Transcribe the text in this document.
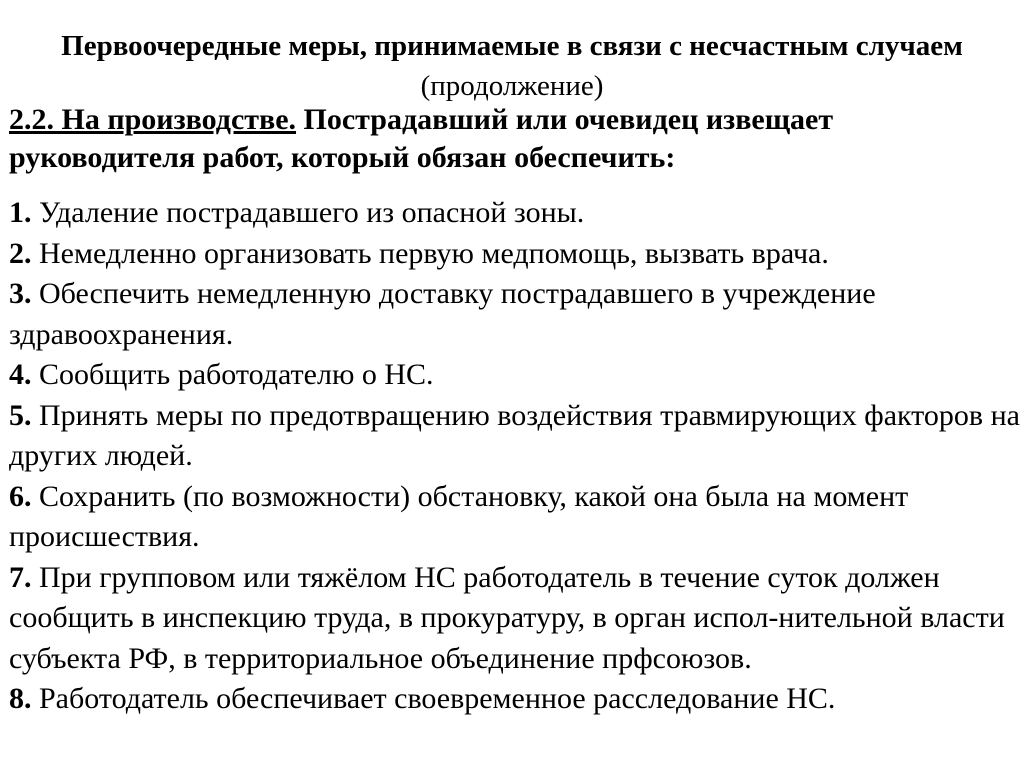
Первоочередные меры, принимаемые в связи с несчастным случаем (продолжение)
2.2. На производстве. Пострадавший или очевидец извещает руководителя работ, который обязан обеспечить:
1. Удаление пострадавшего из опасной зоны.
2. Немедленно организовать первую медпомощь, вызвать врача.
3. Обеспечить немедленную доставку пострадавшего в учреждение здравоохранения.
4. Сообщить работодателю о НС.
5. Принять меры по предотвращению воздействия травмирующих факторов на других людей.
6. Сохранить (по возможности) обстановку, какой она была на момент происшествия.
7. При групповом или тяжёлом НС работодатель в течение суток должен сообщить в инспекцию труда, в прокуратуру, в орган испол-нительной власти субъекта РФ, в территориальное объединение прфсоюзов.
8. Работодатель обеспечивает своевременное расследование НС.
